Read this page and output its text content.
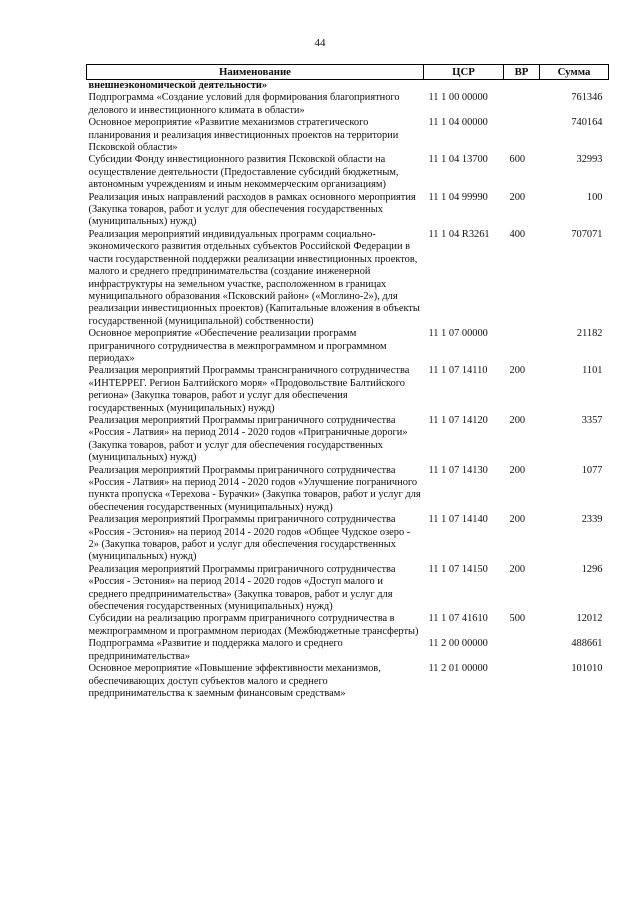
44
Наименование	ЦСР	ВР	Сумма
внешнеэкономической деятельности»			
Подпрограмма «Создание условий для формирования благоприятного делового и инвестиционного климата в области»	11 1 00 00000		761346
Основное мероприятие «Развитие механизмов стратегического планирования и реализация инвестиционных проектов на территории Псковской области»	11 1 04 00000		740164
Субсидии Фонду инвестиционного развития Псковской области на осуществление деятельности (Предоставление субсидий бюджетным, автономным учреждениям и иным некоммерческим организациям)	11 1 04 13700	600	32993
Реализация иных направлений расходов в рамках основного мероприятия (Закупка товаров, работ и услуг для обеспечения государственных (муниципальных) нужд)	11 1 04 99990	200	100
Реализация мероприятий индивидуальных программ социально-экономического развития отдельных субъектов Российской Федерации в части государственной поддержки реализации инвестиционных проектов, малого и среднего предпринимательства (создание инженерной инфраструктуры на земельном участке, расположенном в границах муниципального образования «Псковский район» («Моглино-2»), для реализации инвестиционных проектов) (Капитальные вложения в объекты государственной (муниципальной) собственности)	11 1 04 R3261	400	707071
Основное мероприятие «Обеспечение реализации программ приграничного сотрудничества в межпрограммном и программном периодах»	11 1 07 00000		21182
Реализация мероприятий Программы транснграничного сотрудничества «ИНТЕРРЕГ. Регион Балтийского моря» «Продовольствие Балтийского региона» (Закупка товаров, работ и услуг для обеспечения государственных (муниципальных) нужд)	11 1 07 14110	200	1101
Реализация мероприятий Программы приграничного сотрудничества «Россия - Латвия» на период 2014 - 2020 годов «Приграничные дороги» (Закупка товаров, работ и услуг для обеспечения государственных (муниципальных) нужд)	11 1 07 14120	200	3357
Реализация мероприятий Программы приграничного сотрудничества «Россия - Латвия» на период 2014 - 2020 годов «Улучшение пограничного пункта пропуска «Терехова - Бурачки» (Закупка товаров, работ и услуг для обеспечения государственных (муниципальных) нужд)	11 1 07 14130	200	1077
Реализация мероприятий Программы приграничного сотрудничества «Россия - Эстония» на период 2014 - 2020 годов «Общее Чудское озеро - 2» (Закупка товаров, работ и услуг для обеспечения государственных (муниципальных) нужд)	11 1 07 14140	200	2339
Реализация мероприятий Программы приграничного сотрудничества «Россия - Эстония» на период 2014 - 2020 годов «Доступ малого и среднего предпринимательства» (Закупка товаров, работ и услуг для обеспечения государственных (муниципальных) нужд)	11 1 07 14150	200	1296
Субсидии на реализацию программ приграничного сотрудничества в межпрограммном и программном периодах (Межбюджетные трансферты)	11 1 07 41610	500	12012
Подпрограмма «Развитие и поддержка малого и среднего предпринимательства»	11 2 00 00000		488661
Основное мероприятие «Повышение эффективности механизмов, обеспечивающих доступ субъектов малого и среднего предпринимательства к заемным финансовым средствам»	11 2 01 00000		101010
